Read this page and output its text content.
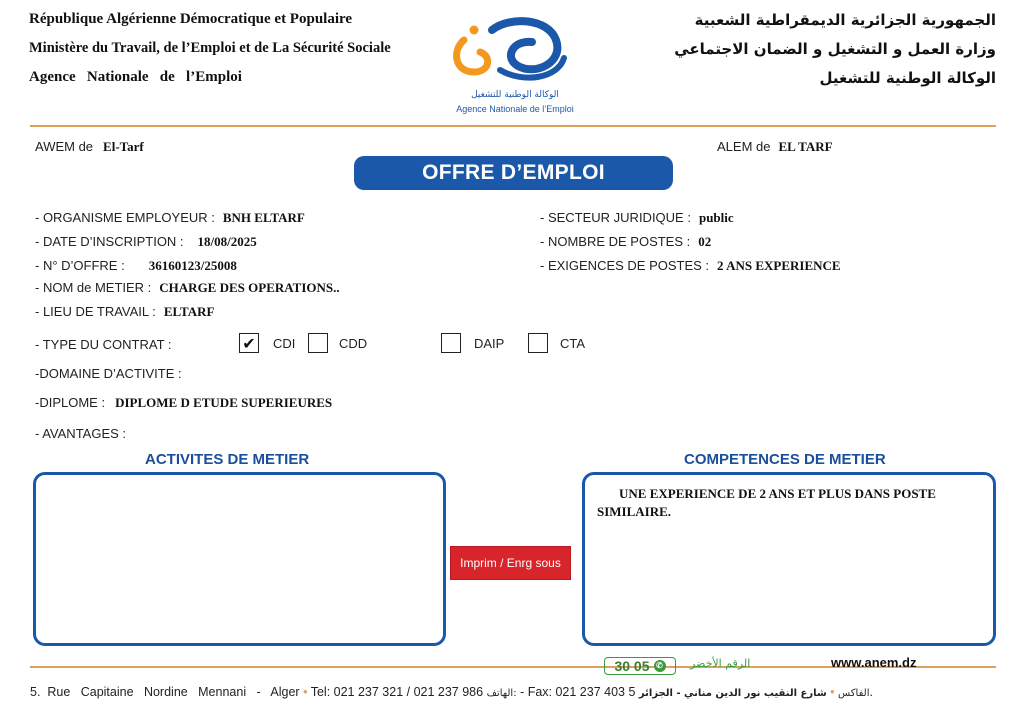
République Algérienne Démocratique et Populaire
Ministère du Travail, de l’Emploi et de La Sécurité Sociale
Agence   Nationale   de   l’Emploi
الوكالة الوطنية للتشغيل
Agence Nationale de l’Emploi
الجمهورية الجزائرية الديمقراطية الشعبية
وزارة العمل و التشغيل و الضمان الاجتماعي
الوكالة الوطنية للتشغيل
AWEM de El-Tarf	ALEM de EL TARF
OFFRE D’EMPLOI
- ORGANISME EMPLOYEUR : BNH ELTARF
- DATE D’INSCRIPTION : 18/08/2025
- N° D’OFFRE : 36160123/25008
- NOM de METIER : CHARGE DES OPERATIONS..
- LIEU DE TRAVAIL : ELTARF
- SECTEUR JURIDIQUE : public
- NOMBRE DE POSTES : 02
- EXIGENCES DE POSTES : 2 ANS EXPERIENCE
- TYPE DU CONTRAT :	✔ CDI	CDD	DAIP	CTA
-DOMAINE D’ACTIVITE :
-DIPLOME : DIPLOME D ETUDE SUPERIEURES
- AVANTAGES :
ACTIVITES DE METIER	COMPETENCES DE METIER
UNE EXPERIENCE DE 2 ANS ET PLUS DANS POSTE SIMILAIRE.
Imprim / Enrg sous
30 05 ✆ الرقم الأخضر	www.anem.dz
5.  Rue   Capitaine   Nordine   Mennani   -   Alger • Tel: 021 237 321 / 021 237 986 الهاتف: - Fax: 021 237 403	الفاكس • شارع النقيب نور الدين مناني - الجزائر 5.
